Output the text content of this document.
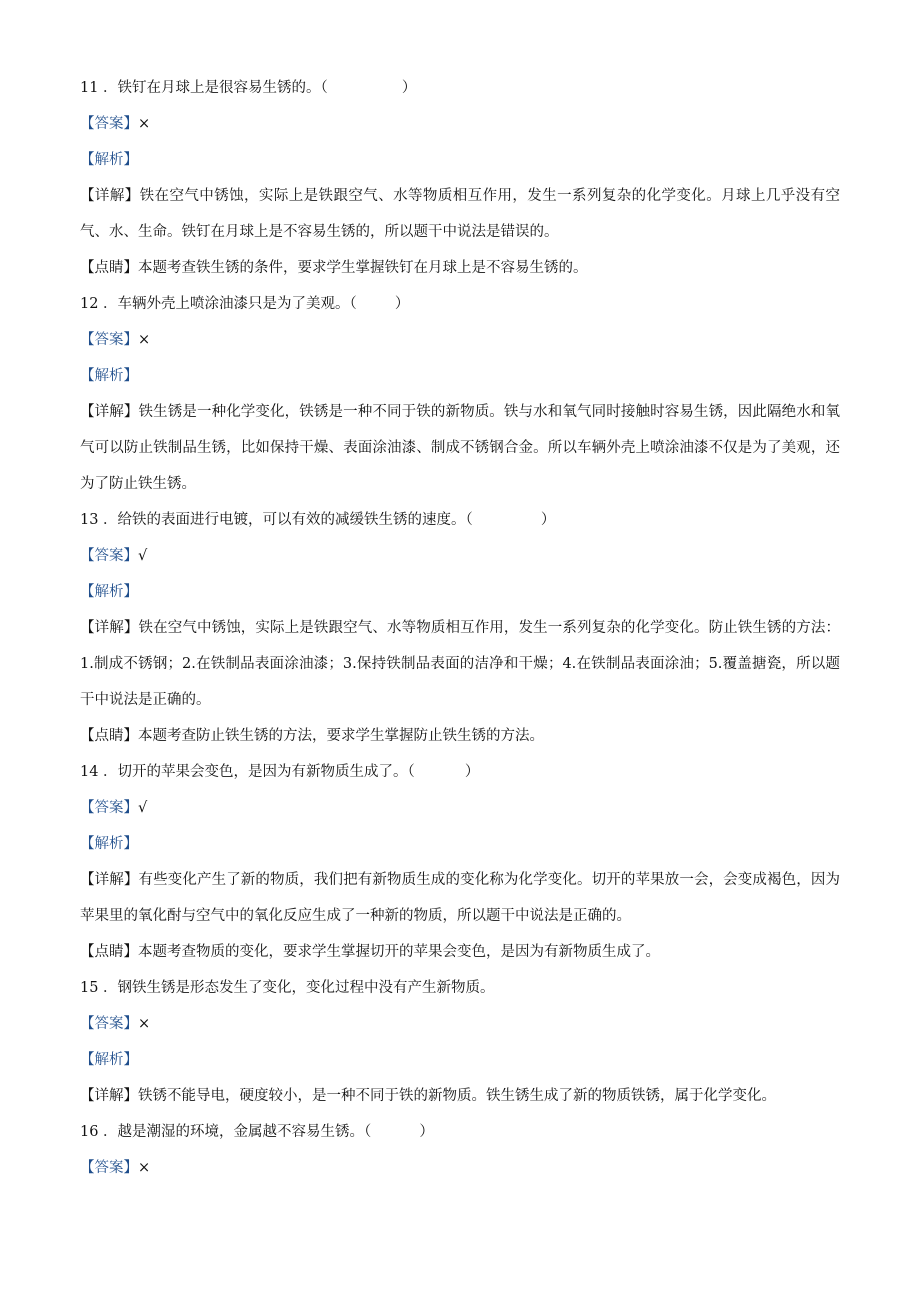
11 ．铁钉在月球上是很容易生锈的。（	）
【答案】×
【解析】
【详解】铁在空气中锈蚀，实际上是铁跟空气、水等物质相互作用，发生一系列复杂的化学变化。月球上几乎没有空气、水、生命。铁钉在月球上是不容易生锈的，所以题干中说法是错误的。
【点睛】本题考查铁生锈的条件，要求学生掌握铁钉在月球上是不容易生锈的。
12 ．车辆外壳上喷涂油漆只是为了美观。（	）
【答案】×
【解析】
【详解】铁生锈是一种化学变化，铁锈是一种不同于铁的新物质。铁与水和氧气同时接触时容易生锈，因此隔绝水和氧气可以防止铁制品生锈，比如保持干燥、表面涂油漆、制成不锈钢合金。所以车辆外壳上喷涂油漆不仅是为了美观，还为了防止铁生锈。
13 ．给铁的表面进行电镀，可以有效的减缓铁生锈的速度。（	）
【答案】√
【解析】
【详解】铁在空气中锈蚀，实际上是铁跟空气、水等物质相互作用，发生一系列复杂的化学变化。防止铁生锈的方法：1.制成不锈钢；2.在铁制品表面涂油漆；3.保持铁制品表面的洁净和干燥；4.在铁制品表面涂油；5.覆盖搪瓷，所以题干中说法是正确的。
【点睛】本题考查防止铁生锈的方法，要求学生掌握防止铁生锈的方法。
14 ．切开的苹果会变色，是因为有新物质生成了。（	）
【答案】√
【解析】
【详解】有些变化产生了新的物质，我们把有新物质生成的变化称为化学变化。切开的苹果放一会，会变成褐色，因为苹果里的氧化酎与空气中的氧化反应生成了一种新的物质，所以题干中说法是正确的。
【点睛】本题考查物质的变化，要求学生掌握切开的苹果会变色，是因为有新物质生成了。
15 ．钢铁生锈是形态发生了变化，变化过程中没有产生新物质。
【答案】×
【解析】
【详解】铁锈不能导电，硬度较小，是一种不同于铁的新物质。铁生锈生成了新的物质铁锈，属于化学变化。
16 ．越是潮湿的环境，金属越不容易生锈。（	）
【答案】×
